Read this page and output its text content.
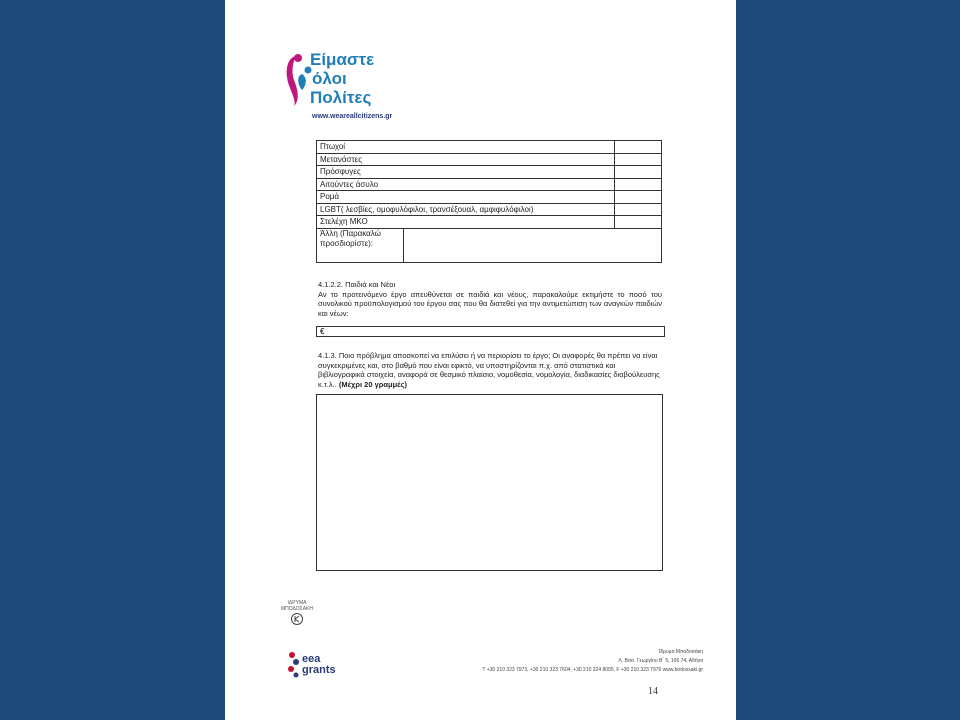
Είμαστε
όλοι
Πολίτες
www.weareallcitizens.gr
Πτωχοί		
Μετανάστες		
Πρόσφυγες		
Αιτούντες άσυλο		
Ρομά		
LGBT( λεσβίες, ομοφυλόφιλοι, τρανσέξουαλ, αμφιφυλόφιλοι)		
Στελέχη ΜΚΟ		
Άλλη (Παρακαλώ προσδιορίστε):		
4.1.2.2. Παιδιά και Νέοι
Αν το προτεινόμενο έργο απευθύνεται σε παιδιά και νέους, παρακαλούμε εκτιμήστε το ποσό του συνολικού προϋπολογισμού του έργου σας που θα διατεθεί για την αντιμετώπιση των αναγκών παιδιών και νέων:
€
4.1.3. Ποιο πρόβλημα αποσκοπεί να επιλύσει ή να περιορίσει το έργο; Οι αναφορές θα πρέπει να είναι συγκεκριμένες και, στο βαθμό που είναι εφικτό, να υποστηρίζονται π.χ. από στατιστικά και βιβλιογραφικά στοιχεία, αναφορά σε θεσμικό πλαίσιο, νομοθεσία, νομολογία, διαδικασίες διαβούλευσης κ.τ.λ.. (Μέχρι 20 γραμμές)
ΙΔΡΥΜΑ ΜΠΟΔΟΣΑΚΗ
eea
grants
Ίδρυμα Μποδοσάκη
Λ. Βασ. Γεωργίου Β΄ 5, 106 74, Αθήνα
T +30 210 323 7973, +30 210 323 7604, +30 210 324 8005, F +30 210 323 7976 www.bodossaki.gr
14
